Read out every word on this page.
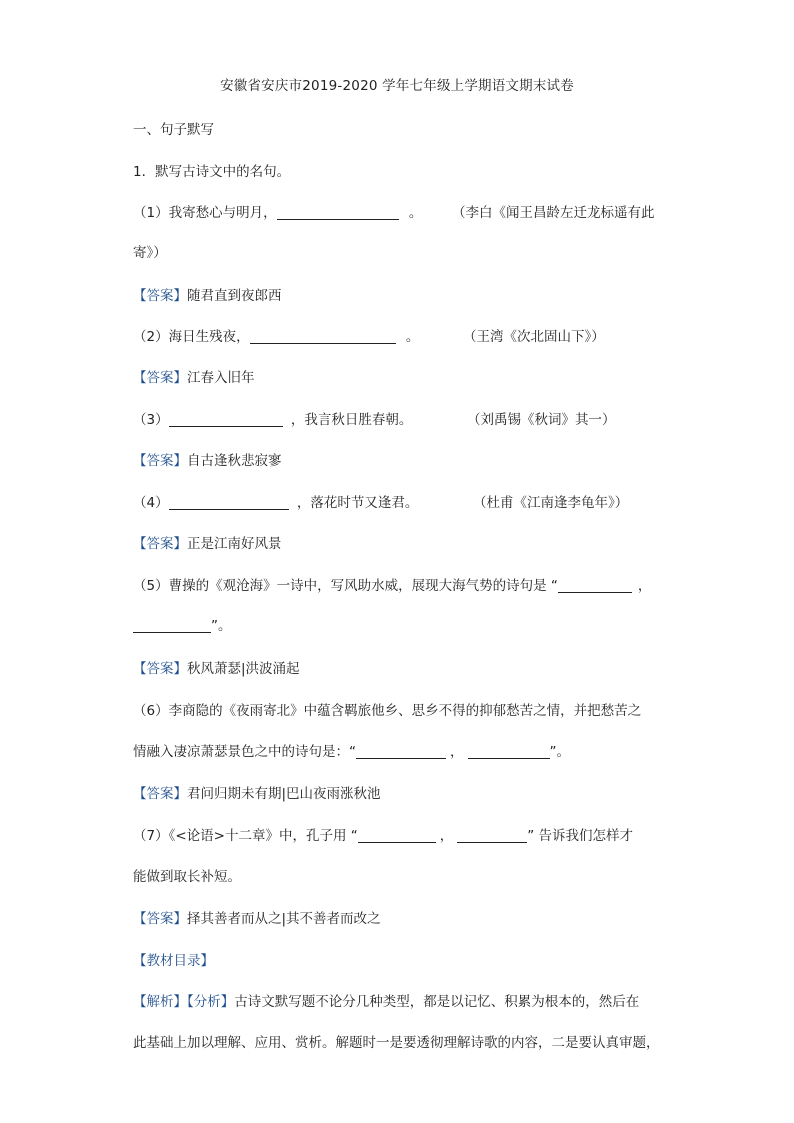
安徽省安庆市2019-2020 学年七年级上学期语文期末试卷
一、句子默写
1．默写古诗文中的名句。
（1）我寄愁心与明月，	。 （李白《闻王昌龄左迁龙标遥有此
寄》）
【答案】随君直到夜郎西
（2）海日生残夜，	。	（王湾《次北固山下》）
【答案】江春入旧年
（3）	，我言秋日胜春朝。	（刘禹锡《秋词》其一）
【答案】自古逢秋悲寂寥
（4）	，落花时节又逢君。	（杜甫《江南逢李龟年》）
【答案】正是江南好风景
（5）曹操的《观沧海》一诗中，写风助水威，展现大海气势的诗句是 “	，
”。
【答案】秋风萧瑟|洪波涌起
（6）李商隐的《夜雨寄北》中蕴含羁旅他乡、思乡不得的抑郁愁苦之情，并把愁苦之
情融入凄凉萧瑟景色之中的诗句是：“	，	”。
【答案】君问归期未有期|巴山夜雨涨秋池
（7）《<论语>十二章》中，孔子用 “	，	” 告诉我们怎样才
能做到取长补短。
【答案】择其善者而从之|其不善者而改之
【教材目录】
【解析】【分析】古诗文默写题不论分几种类型，都是以记忆、积累为根本的，然后在
此基础上加以理解、应用、赏析。解题时一是要透彻理解诗歌的内容，二是要认真审题，
